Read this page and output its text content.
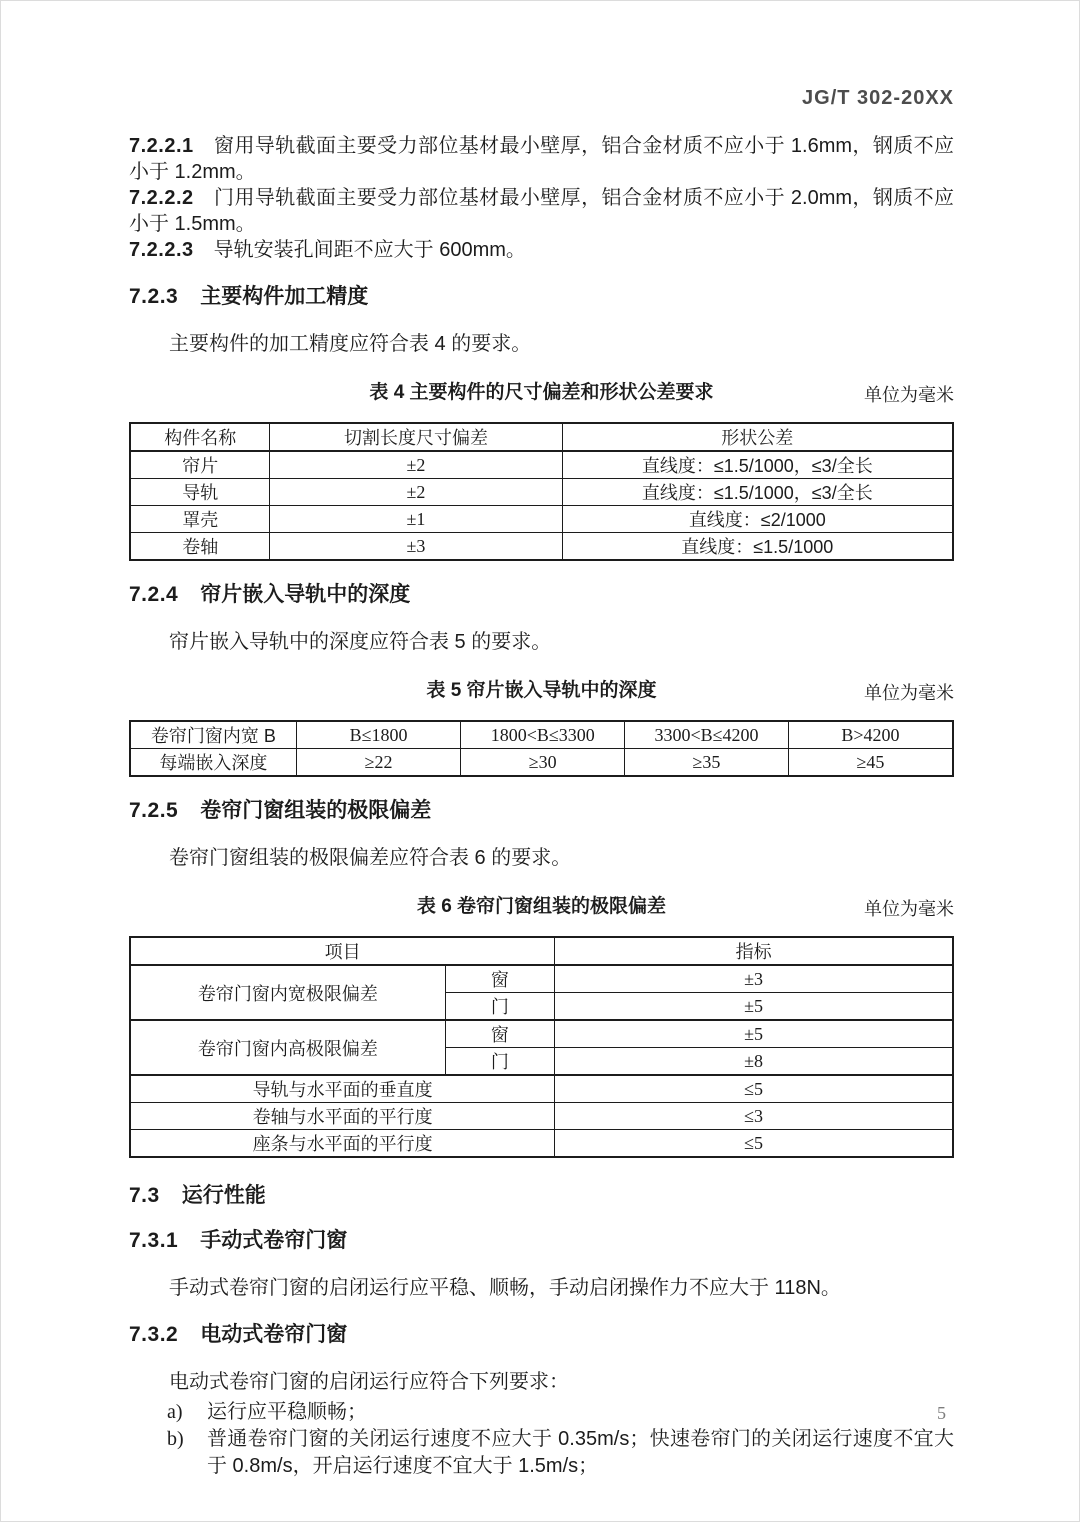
JG/T 302-20XX
7.2.2.1 窗用导轨截面主要受力部位基材最小壁厚，铝合金材质不应小于 1.6mm，钢质不应小于 1.2mm。
7.2.2.2 门用导轨截面主要受力部位基材最小壁厚，铝合金材质不应小于 2.0mm，钢质不应小于 1.5mm。
7.2.2.3 导轨安装孔间距不应大于 600mm。
7.2.3 主要构件加工精度
主要构件的加工精度应符合表 4 的要求。
表 4 主要构件的尺寸偏差和形状公差要求	单位为毫米
构件名称	切割长度尺寸偏差	形状公差
帘片	±2	直线度：≤1.5/1000，≤3/全长
导轨	±2	直线度：≤1.5/1000，≤3/全长
罩壳	±1	直线度：≤2/1000
卷轴	±3	直线度：≤1.5/1000
7.2.4 帘片嵌入导轨中的深度
帘片嵌入导轨中的深度应符合表 5 的要求。
表 5 帘片嵌入导轨中的深度	单位为毫米
卷帘门窗内宽 B	B≤1800	1800<B≤3300	3300<B≤4200	B>4200
每端嵌入深度	≥22	≥30	≥35	≥45
7.2.5 卷帘门窗组装的极限偏差
卷帘门窗组装的极限偏差应符合表 6 的要求。
表 6 卷帘门窗组装的极限偏差	单位为毫米
项目		指标
卷帘门窗内宽极限偏差	窗	±3
	门	±5
卷帘门窗内高极限偏差	窗	±5
	门	±8
导轨与水平面的垂直度		≤5
卷轴与水平面的平行度		≤3
座条与水平面的平行度		≤5
7.3 运行性能
7.3.1 手动式卷帘门窗
手动式卷帘门窗的启闭运行应平稳、顺畅，手动启闭操作力不应大于 118N。
7.3.2 电动式卷帘门窗
电动式卷帘门窗的启闭运行应符合下列要求：
a)	运行应平稳顺畅；
b)	普通卷帘门窗的关闭运行速度不应大于 0.35m/s；快速卷帘门的关闭运行速度不宜大于 0.8m/s，开启运行速度不宜大于 1.5m/s；
5
